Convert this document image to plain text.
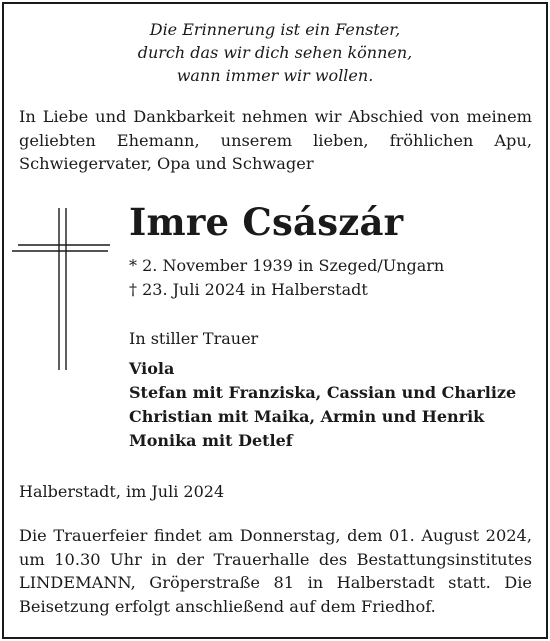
Die Erinnerung ist ein Fenster,
durch das wir dich sehen können,
wann immer wir wollen.
In Liebe und Dankbarkeit nehmen wir Abschied von meinem geliebten Ehemann, unserem lieben, fröhlichen Apu, Schwiegervater, Opa und Schwager
Imre Császár
* 2. November 1939 in Szeged/Ungarn
† 23. Juli 2024 in Halberstadt
In stiller Trauer
Viola
Stefan mit Franziska, Cassian und Charlize
Christian mit Maika, Armin und Henrik
Monika mit Detlef
Halberstadt, im Juli 2024
Die Trauerfeier findet am Donnerstag, dem 01. August 2024, um 10.30 Uhr in der Trauerhalle des Bestattungsinstitutes LINDEMANN, Gröperstraße 81 in Halberstadt statt. Die Beisetzung erfolgt anschließend auf dem Friedhof.
